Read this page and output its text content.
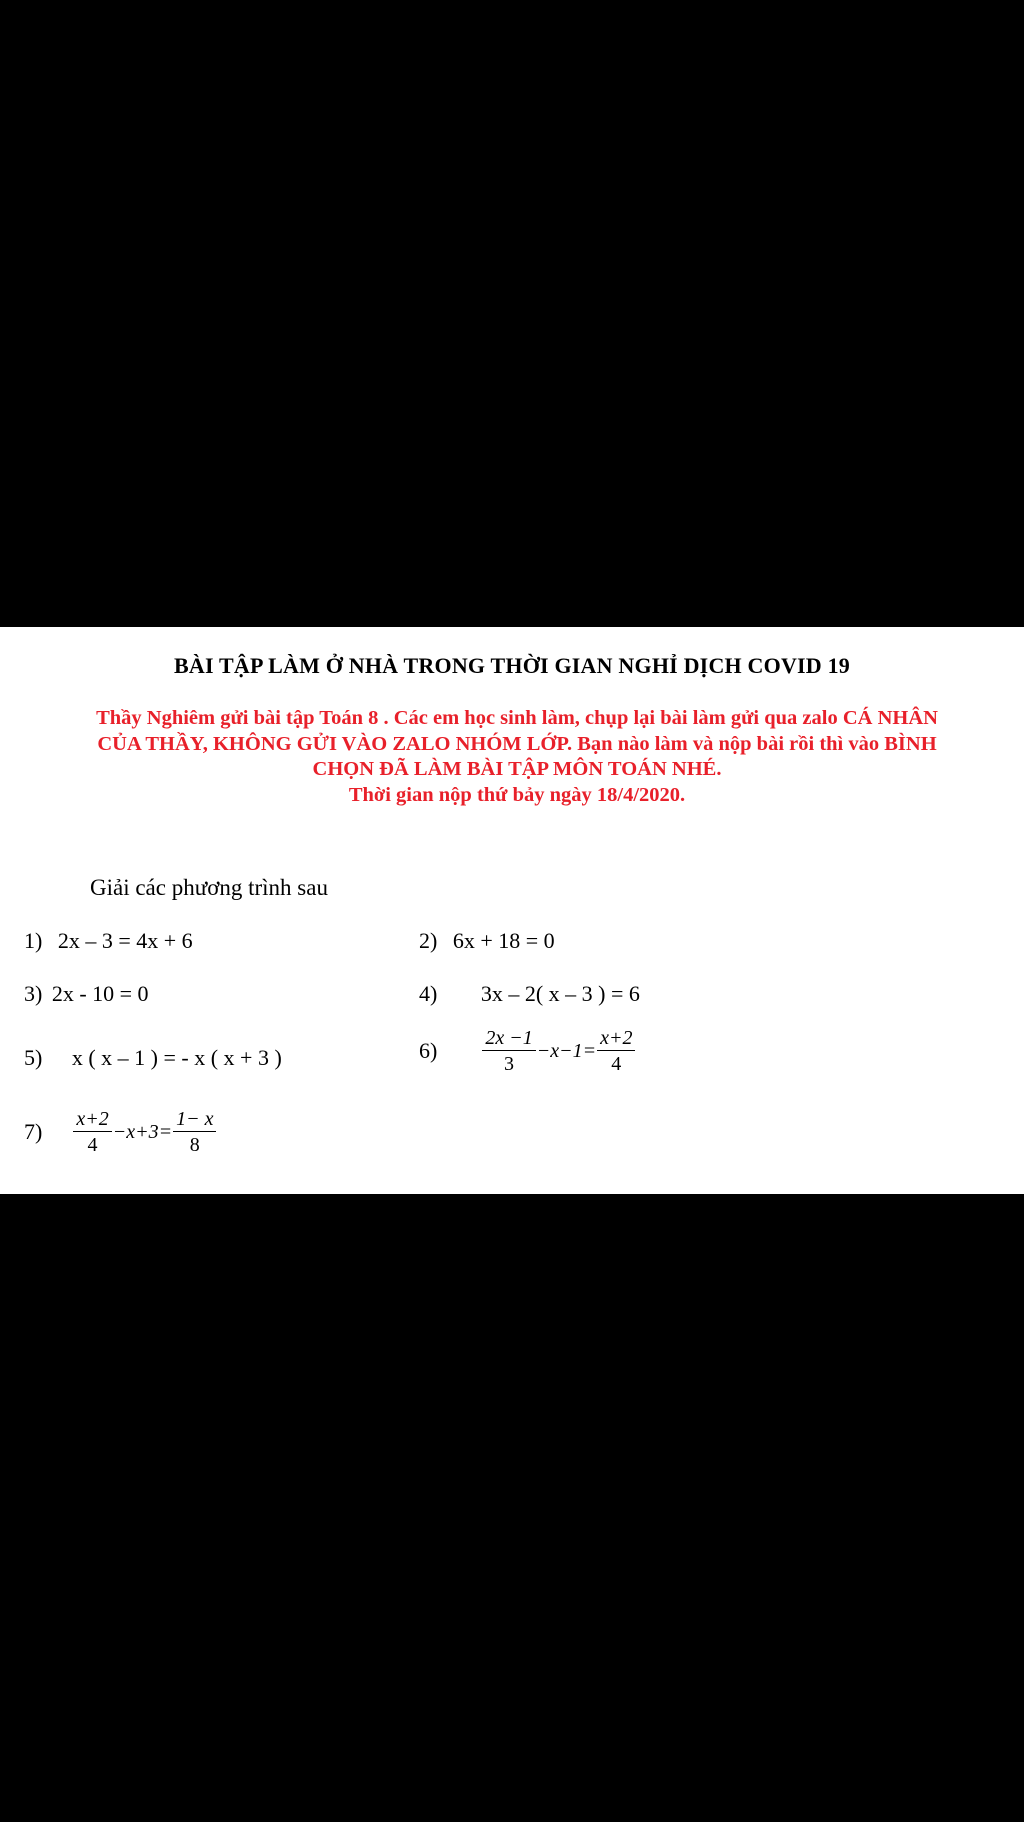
BÀI TẬP LÀM Ở NHÀ TRONG THỜI GIAN NGHỈ DỊCH COVID 19
Thầy Nghiêm gửi bài tập Toán 8 . Các em học sinh làm, chụp lại bài làm gửi qua zalo CÁ NHÂN
CỦA THẦY, KHÔNG GỬI VÀO ZALO NHÓM LỚP. Bạn nào làm và nộp bài rồi thì vào BÌNH
CHỌN ĐÃ LÀM BÀI TẬP MÔN TOÁN NHÉ.
Thời gian nộp thứ bảy ngày 18/4/2020.
Giải các phương trình sau
1) 2x – 3 = 4x + 6	2) 6x + 18 = 0
3) 2x - 10 = 0	4) 3x – 2( x – 3 ) = 6
5) x ( x – 1 ) = - x ( x + 3 )	$6) \frac{2x -1}{3} -x-1= \frac{x+2}{4}$
$7) \frac{x+2}{4} -x+3= \frac{1- x}{8}$
